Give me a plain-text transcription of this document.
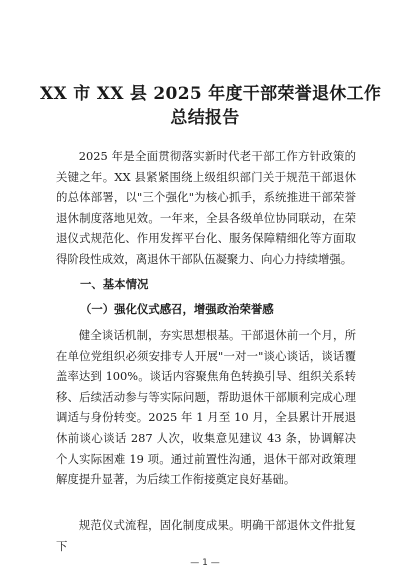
XX 市 XX 县 2025 年度干部荣誉退休工作
总结报告

2025 年是全面贯彻落实新时代老干部工作方针政策的关键之年。XX 县紧紧围绕上级组织部门关于规范干部退休的总体部署，以"三个强化"为核心抓手，系统推进干部荣誉退休制度落地见效。一年来，全县各级单位协同联动，在荣退仪式规范化、作用发挥平台化、服务保障精细化等方面取得阶段性成效，离退休干部队伍凝聚力、向心力持续增强。

一、基本情况
（一）强化仪式感召，增强政治荣誉感

健全谈话机制，夯实思想根基。干部退休前一个月，所在单位党组织必须安排专人开展"一对一"谈心谈话，谈话覆盖率达到 100%。谈话内容聚焦角色转换引导、组织关系转移、后续活动参与等实际问题，帮助退休干部顺利完成心理调适与身份转变。2025 年 1 月至 10 月，全县累计开展退休前谈心谈话 287 人次，收集意见建议 43 条，协调解决个人实际困难 19 项。通过前置性沟通，退休干部对政策理解度提升显著，为后续工作衔接奠定良好基础。

规范仪式流程，固化制度成果。明确干部退休文件批复下

— 1 —
